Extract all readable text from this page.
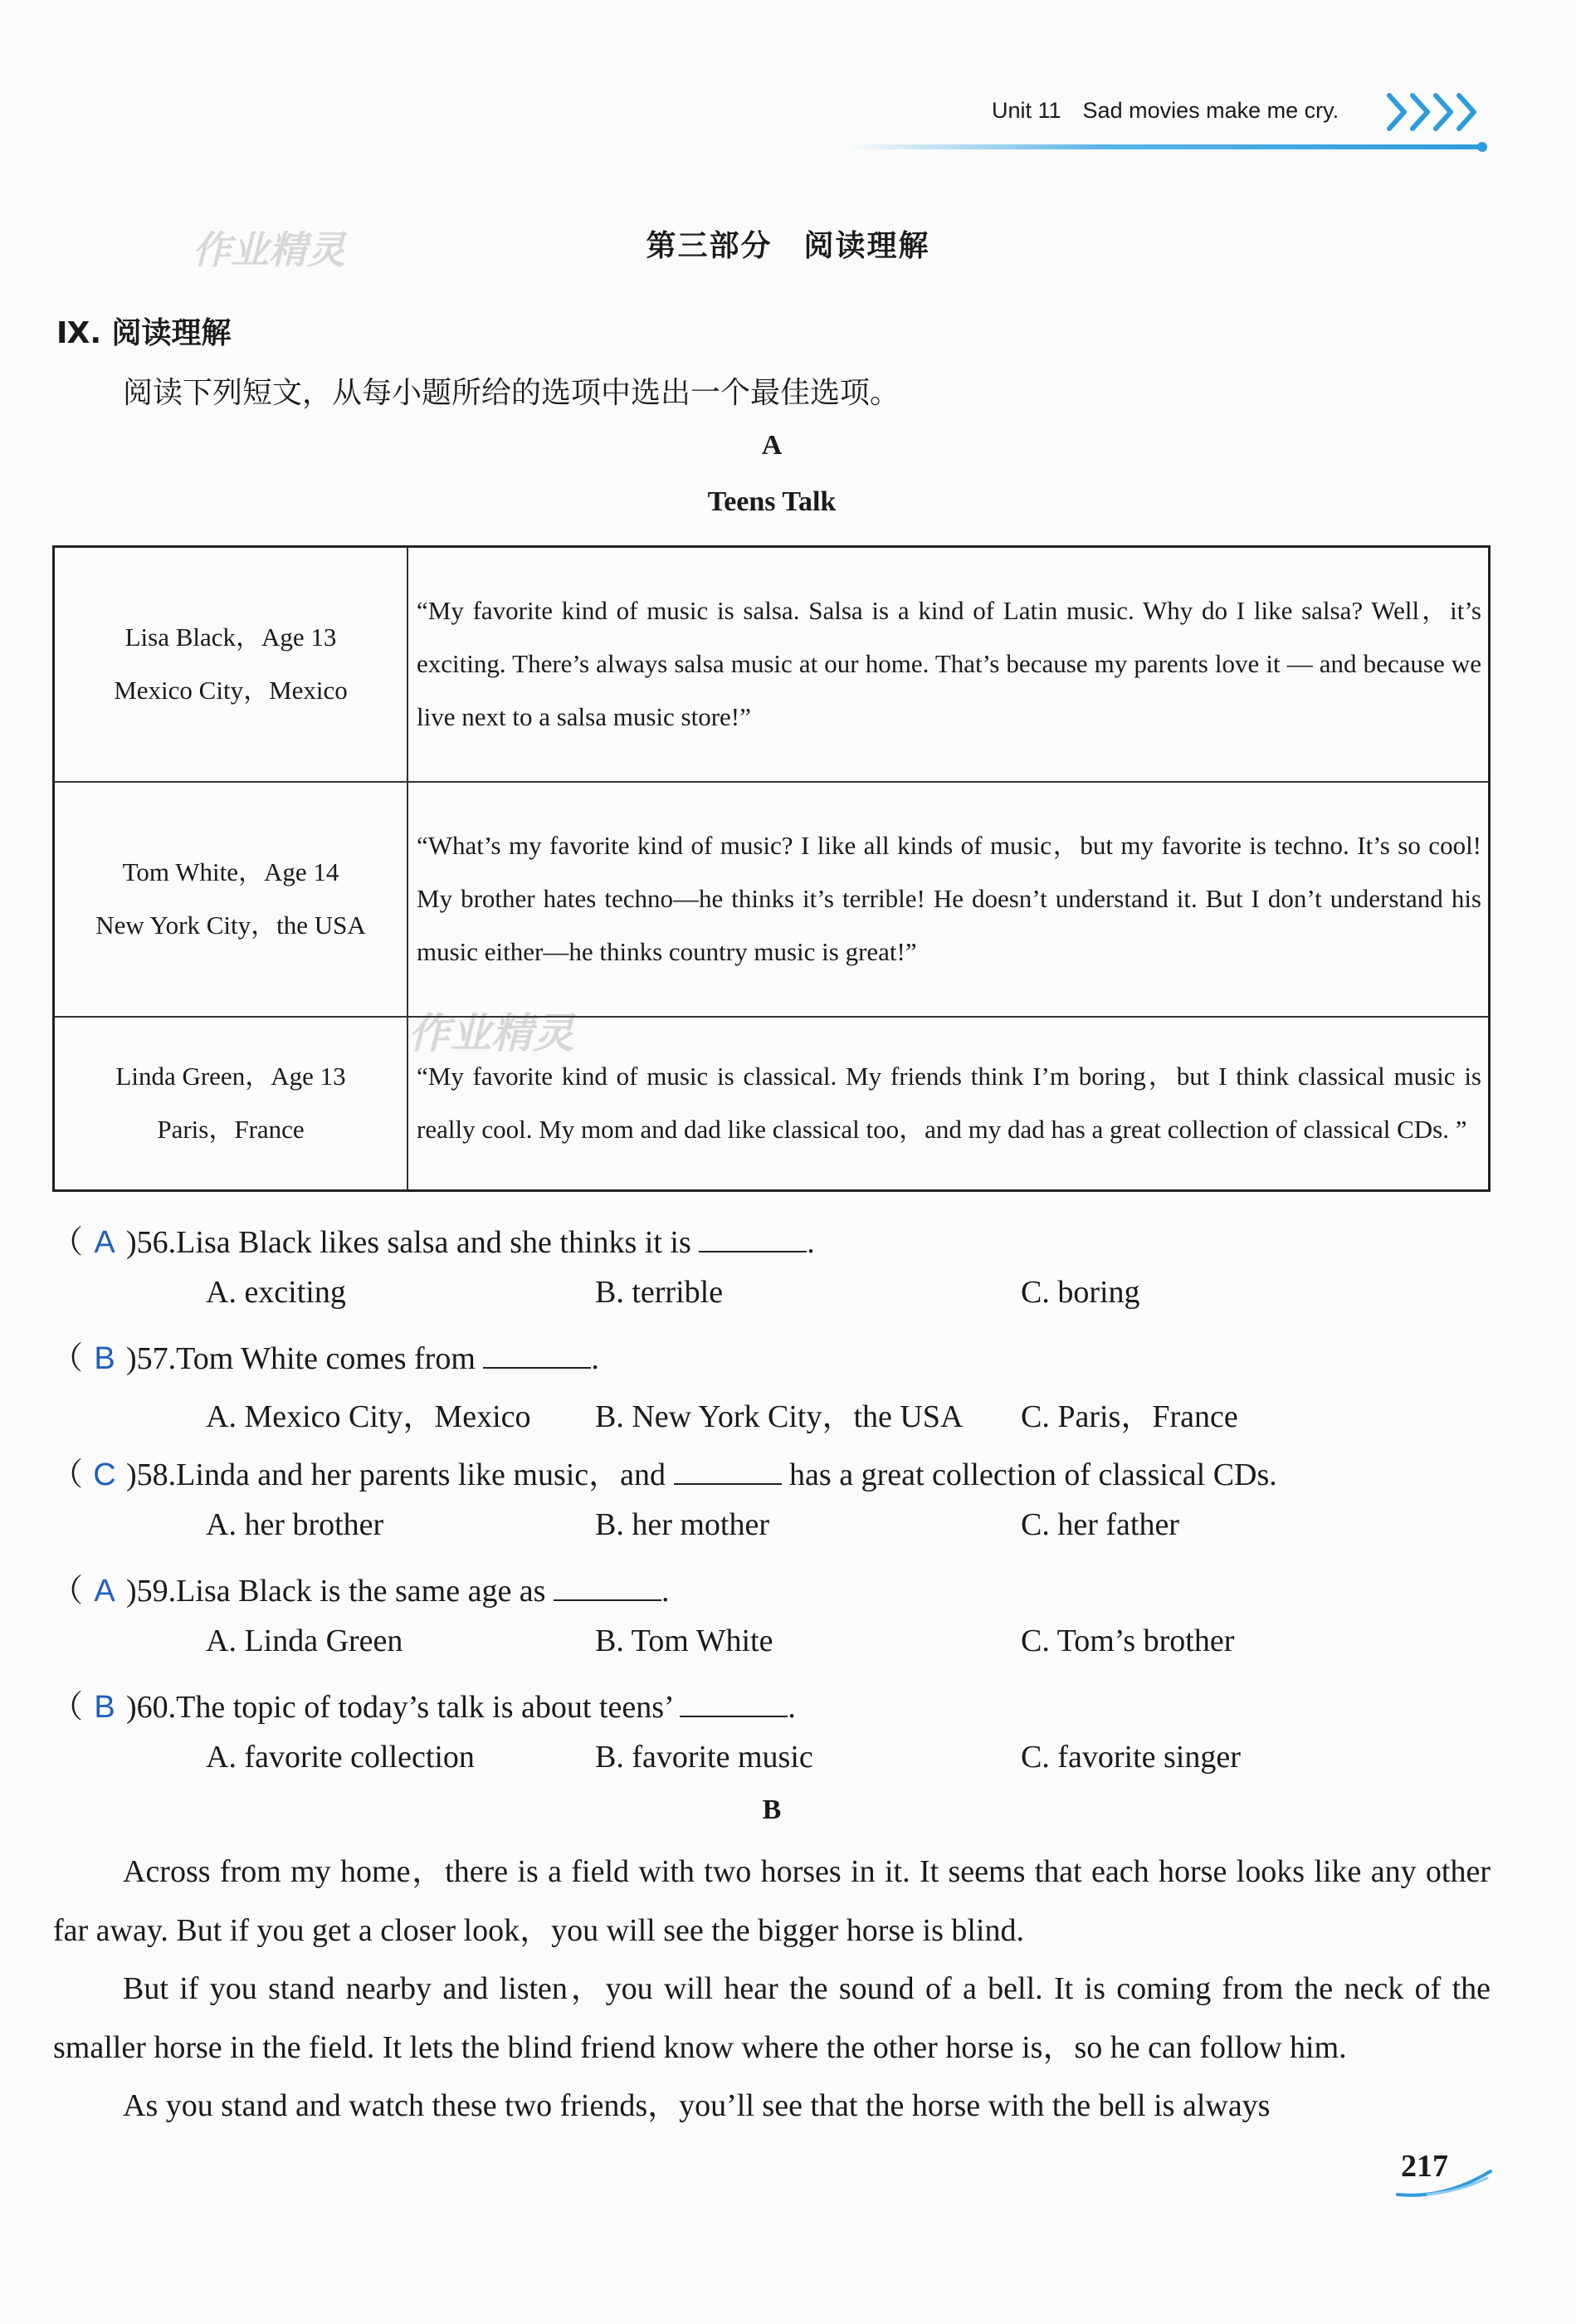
Unit 11 Sad movies make me cry.
作业精灵
作业精灵
第三部分　阅读理解
Ⅸ. 阅读理解
阅读下列短文，从每小题所给的选项中选出一个最佳选项。
A
Teens Talk
Lisa Black，Age 13
Mexico City，Mexico	“My favorite kind of music is salsa. Salsa is a kind of Latin music. Why do I like salsa? Well，it’s exciting. There’s always salsa music at our home. That’s because my parents love it — and because we live next to a salsa music store!”

Tom White，Age 14
New York City，the USA	“What’s my favorite kind of music? I like all kinds of music，but my favorite is techno. It’s so cool! My brother hates techno—he thinks it’s terrible! He doesn’t understand it. But I don’t understand his music either—he thinks country music is great!”

Linda Green，Age 13
Paris，France	“My favorite kind of music is classical. My friends think I’m boring，but I think classical music is really cool. My mom and dad like classical too，and my dad has a great collection of classical CDs. ”
（ A )56.Lisa Black likes salsa and she thinks it is	.
A. exciting	B. terrible	C. boring
（ B )57.Tom White comes from	.
A. Mexico City，Mexico B. New York City，the USA C. Paris，France
（ C )58.Linda and her parents like music，and	has a great collection of classical CDs.
A. her brother	B. her mother	C. her father
（ A )59.Lisa Black is the same age as	.
A. Linda Green	B. Tom White	C. Tom’s brother
（ B )60.The topic of today’s talk is about teens’	.
A. favorite collection	B. favorite music	C. favorite singer
B

Across from my home，there is a field with two horses in it. It seems that each horse looks like any other far away. But if you get a closer look，you will see the bigger horse is blind.

But if you stand nearby and listen，you will hear the sound of a bell. It is coming from the neck of the smaller horse in the field. It lets the blind friend know where the other horse is，so he can follow him.

As you stand and watch these two friends，you’ll see that the horse with the bell is always

217
